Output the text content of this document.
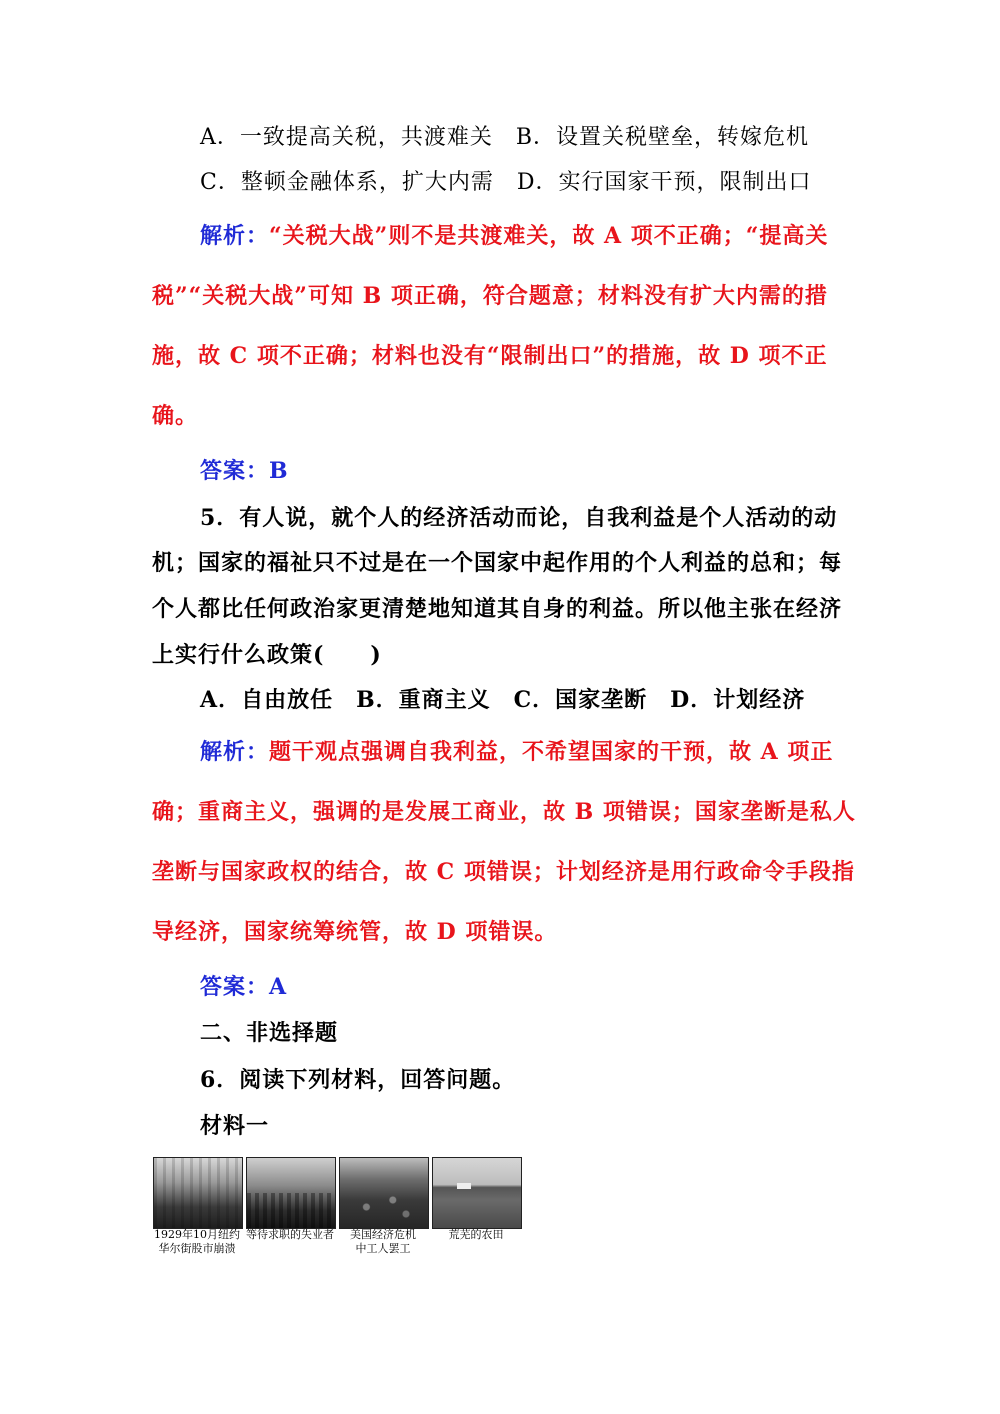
A．一致提高关税，共渡难关　B．设置关税壁垒，转嫁危机
C．整顿金融体系，扩大内需　D．实行国家干预，限制出口
解析：“关税大战”则不是共渡难关，故 A 项不正确；“提高关
税”“关税大战”可知 B 项正确，符合题意；材料没有扩大内需的措
施，故 C 项不正确；材料也没有“限制出口”的措施，故 D 项不正
确。
答案：B
5．有人说，就个人的经济活动而论，自我利益是个人活动的动
机；国家的福祉只不过是在一个国家中起作用的个人利益的总和；每
个人都比任何政治家更清楚地知道其自身的利益。所以他主张在经济
上实行什么政策(　　)
A．自由放任　B．重商主义　C．国家垄断　D．计划经济
解析：题干观点强调自我利益，不希望国家的干预，故 A 项正
确；重商主义，强调的是发展工商业，故 B 项错误；国家垄断是私人
垄断与国家政权的结合，故 C 项错误；计划经济是用行政命令手段指
导经济，国家统筹统管，故 D 项错误。
答案：A
二、非选择题
6．阅读下列材料，回答问题。
材料一
1929年10月纽约
华尔街股市崩溃
等待求职的失业者	美国经济危机
中工人罢工
荒芜的农田
